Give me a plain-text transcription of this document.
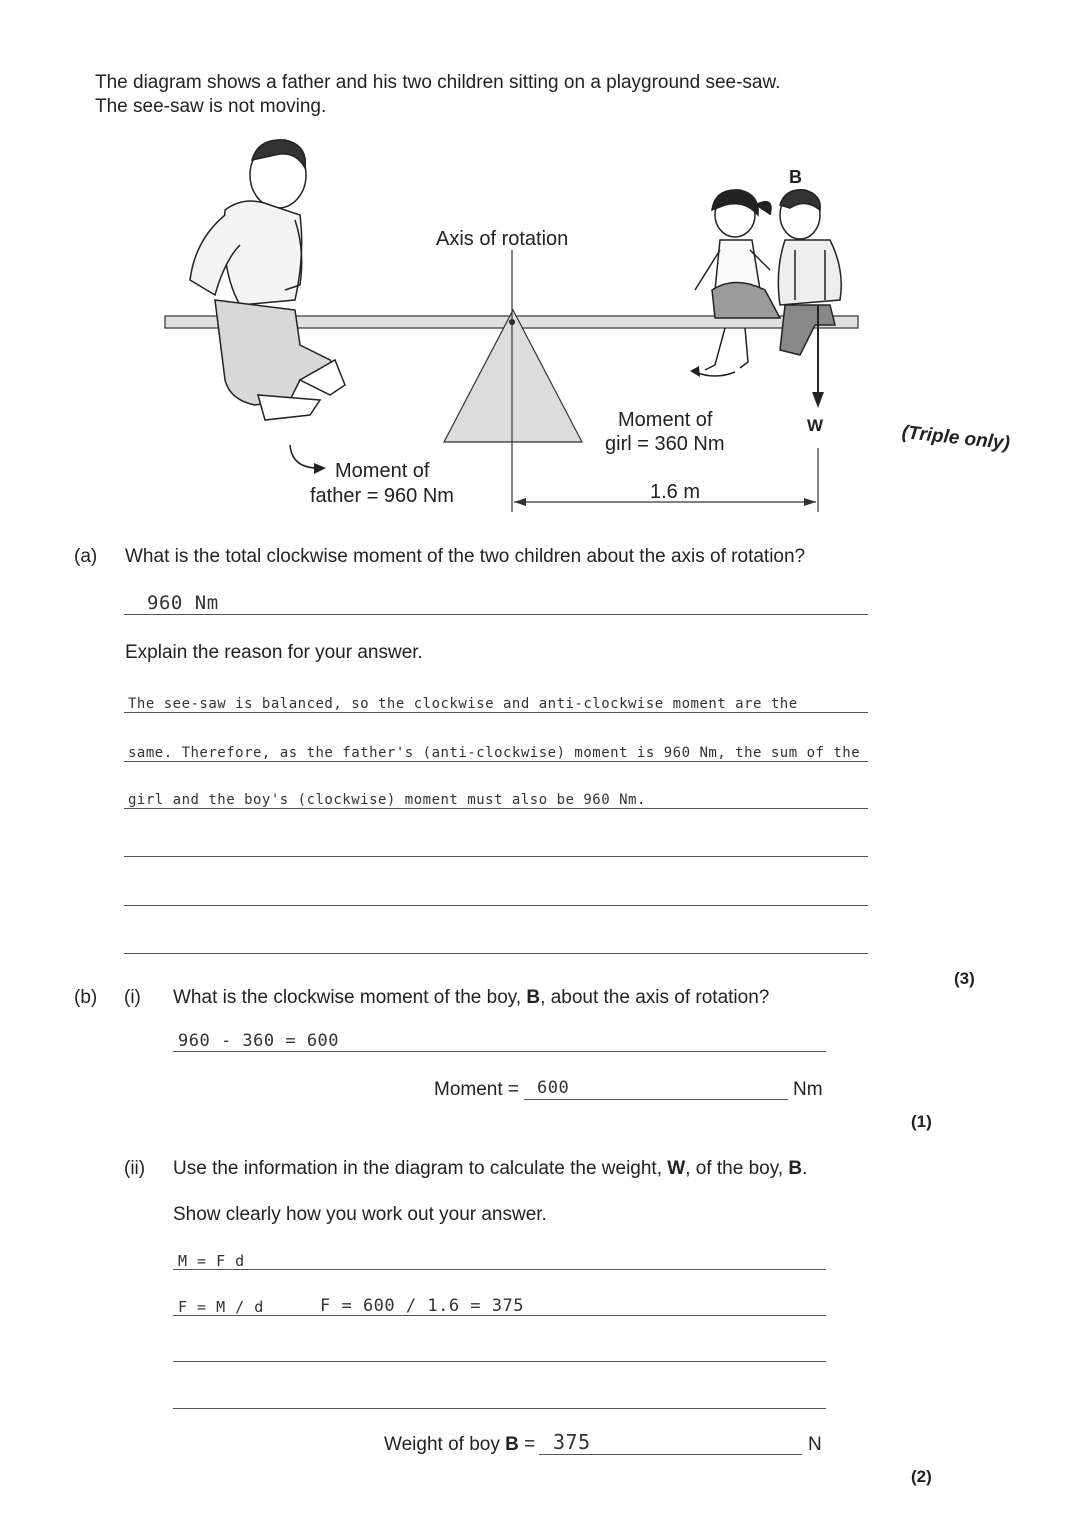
The diagram shows a father and his two children sitting on a playground see-saw.
The see-saw is not moving.
Axis of rotation
B
W
Moment of
girl = 360 Nm
Moment of
father = 960 Nm	1.6 m
(Triple only)
(a) What is the total clockwise moment of the two children about the axis of rotation?
960 Nm
Explain the reason for your answer.
The see-saw is balanced, so the clockwise and anti-clockwise moment are the
same. Therefore, as the father's (anti-clockwise) moment is 960 Nm, the sum of the
girl and the boy's (clockwise) moment must also be 960 Nm.
(3)
(b) (i) What is the clockwise moment of the boy, B, about the axis of rotation?
960 - 360 = 600
Moment = 600	Nm
(1)
(ii) Use the information in the diagram to calculate the weight, W, of the boy, B.
Show clearly how you work out your answer.
M = F d
F = M / d	F = 600 / 1.6 = 375
Weight of boy B = 375	N
(2)
